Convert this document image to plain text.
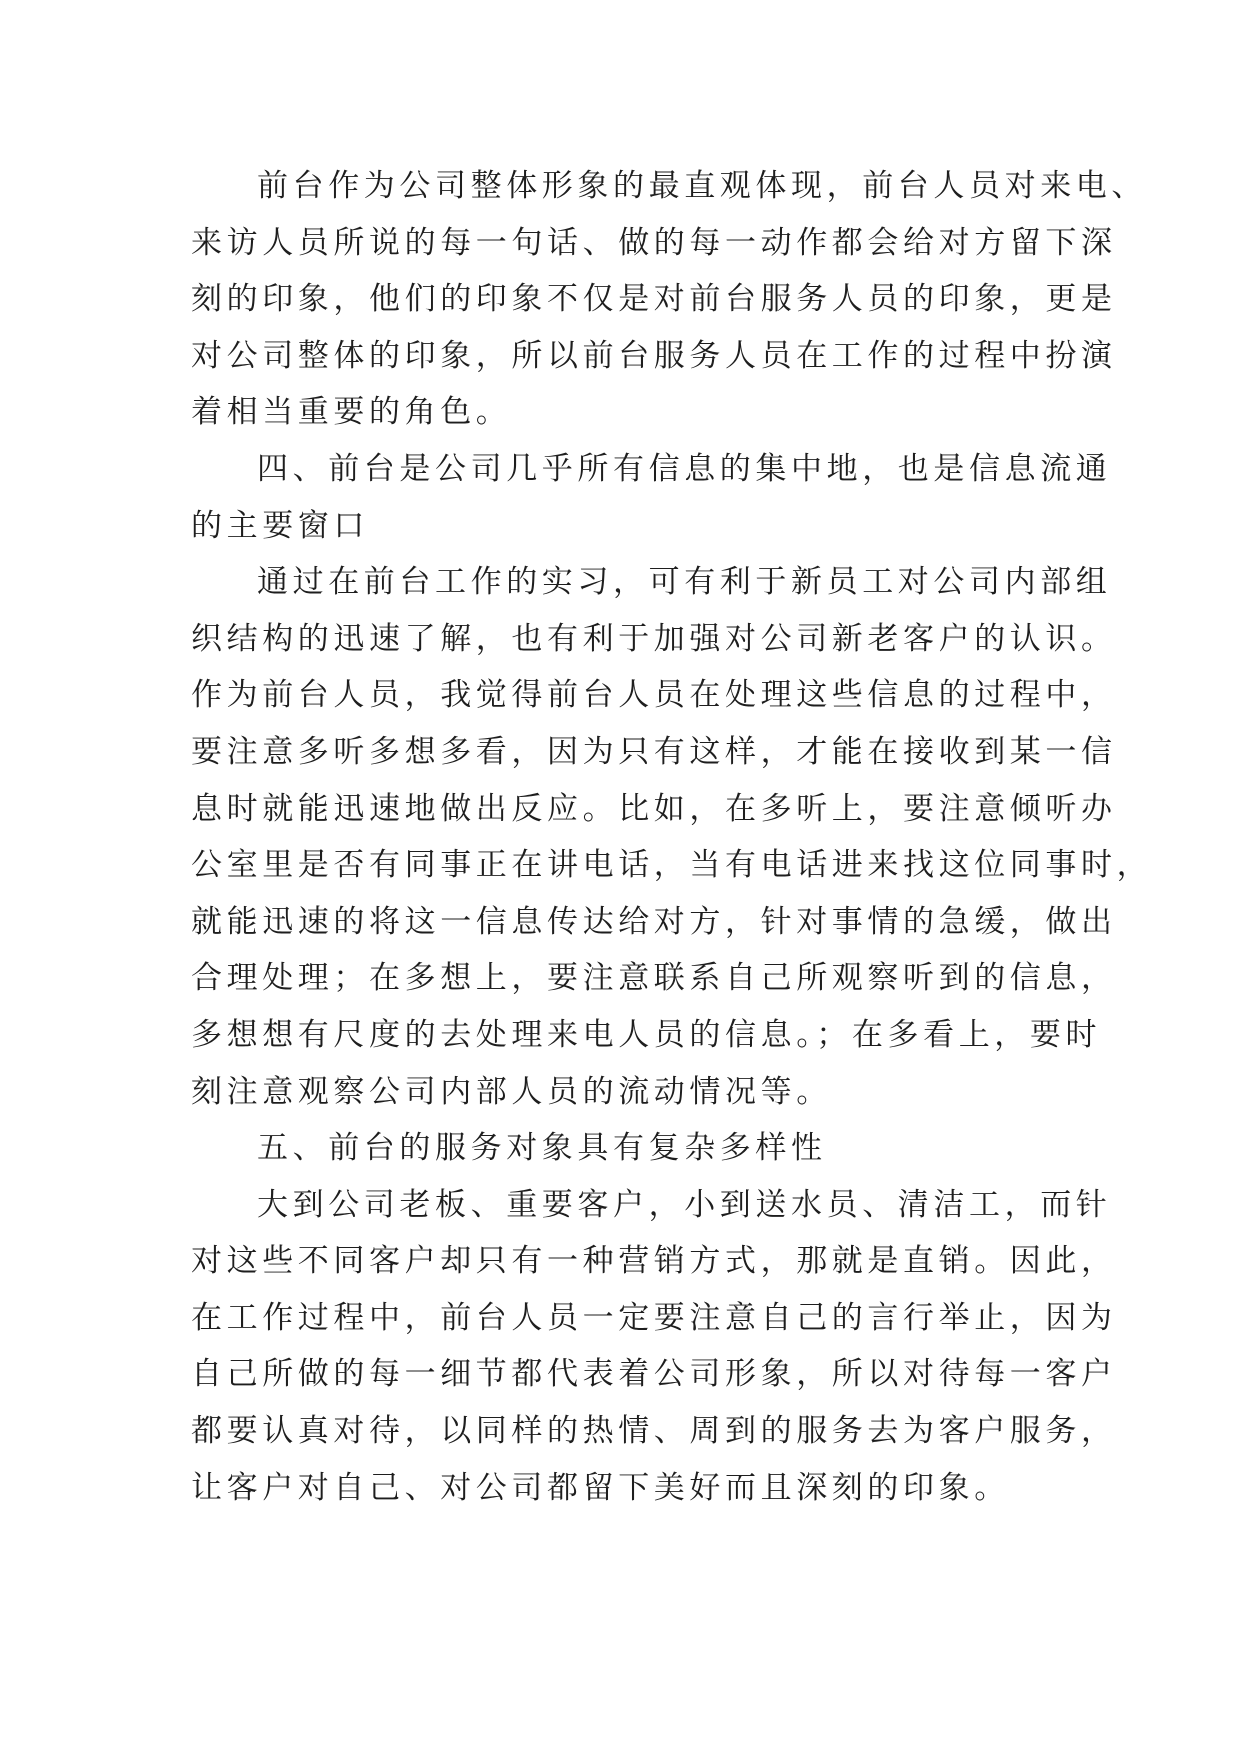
前台作为公司整体形象的最直观体现，前台人员对来电、
来访人员所说的每一句话、做的每一动作都会给对方留下深
刻的印象，他们的印象不仅是对前台服务人员的印象，更是
对公司整体的印象，所以前台服务人员在工作的过程中扮演
着相当重要的角色。
四、前台是公司几乎所有信息的集中地，也是信息流通
的主要窗口
通过在前台工作的实习，可有利于新员工对公司内部组
织结构的迅速了解，也有利于加强对公司新老客户的认识。
作为前台人员，我觉得前台人员在处理这些信息的过程中，
要注意多听多想多看，因为只有这样，才能在接收到某一信
息时就能迅速地做出反应。比如，在多听上，要注意倾听办
公室里是否有同事正在讲电话，当有电话进来找这位同事时，
就能迅速的将这一信息传达给对方，针对事情的急缓，做出
合理处理；在多想上，要注意联系自己所观察听到的信息，
多想想有尺度的去处理来电人员的信息。；在多看上，要时
刻注意观察公司内部人员的流动情况等。
五、前台的服务对象具有复杂多样性
大到公司老板、重要客户，小到送水员、清洁工，而针
对这些不同客户却只有一种营销方式，那就是直销。因此，
在工作过程中，前台人员一定要注意自己的言行举止，因为
自己所做的每一细节都代表着公司形象，所以对待每一客户
都要认真对待，以同样的热情、周到的服务去为客户服务，
让客户对自己、对公司都留下美好而且深刻的印象。
